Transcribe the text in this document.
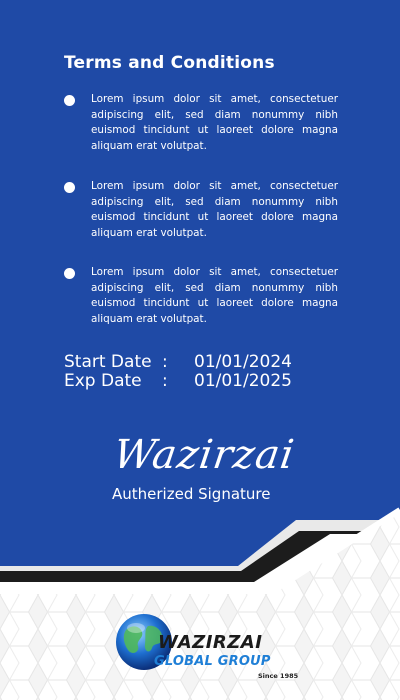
Terms and Conditions
Lorem ipsum dolor sit amet, consectetuer adipiscing elit, sed diam nonummy nibh euismod tincidunt ut laoreet dolore magna aliquam erat volutpat.
Lorem ipsum dolor sit amet, consectetuer adipiscing elit, sed diam nonummy nibh euismod tincidunt ut laoreet dolore magna aliquam erat volutpat.
Lorem ipsum dolor sit amet, consectetuer adipiscing elit, sed diam nonummy nibh euismod tincidunt ut laoreet dolore magna aliquam erat volutpat.
Start Date :	01/01/2024
Exp Date	:	01/01/2025
Wazirzai
Autherized Signature
WAZIRZAI
GLOBAL GROUP
Since 1985
